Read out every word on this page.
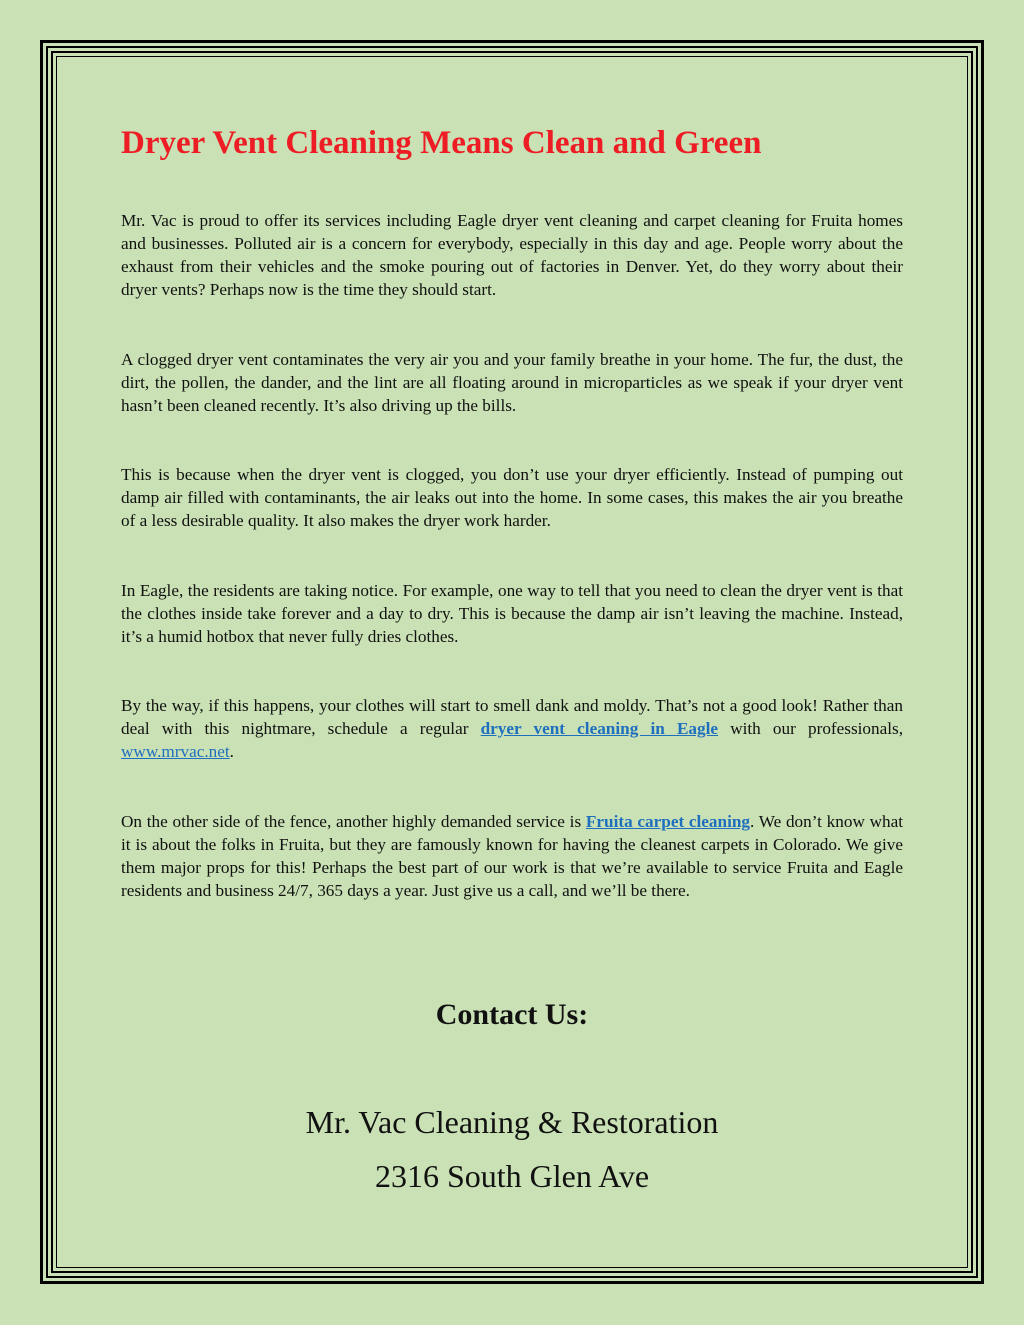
Dryer Vent Cleaning Means Clean and Green

Mr. Vac is proud to offer its services including Eagle dryer vent cleaning and carpet cleaning for Fruita homes and businesses. Polluted air is a concern for everybody, especially in this day and age. People worry about the exhaust from their vehicles and the smoke pouring out of factories in Denver. Yet, do they worry about their dryer vents? Perhaps now is the time they should start.

A clogged dryer vent contaminates the very air you and your family breathe in your home. The fur, the dust, the dirt, the pollen, the dander, and the lint are all floating around in microparticles as we speak if your dryer vent hasn’t been cleaned recently. It’s also driving up the bills.

This is because when the dryer vent is clogged, you don’t use your dryer efficiently. Instead of pumping out damp air filled with contaminants, the air leaks out into the home. In some cases, this makes the air you breathe of a less desirable quality. It also makes the dryer work harder.

In Eagle, the residents are taking notice. For example, one way to tell that you need to clean the dryer vent is that the clothes inside take forever and a day to dry. This is because the damp air isn’t leaving the machine. Instead, it’s a humid hotbox that never fully dries clothes.

By the way, if this happens, your clothes will start to smell dank and moldy. That’s not a good look! Rather than deal with this nightmare, schedule a regular dryer vent cleaning in Eagle with our professionals, www.mrvac.net.

On the other side of the fence, another highly demanded service is Fruita carpet cleaning. We don’t know what it is about the folks in Fruita, but they are famously known for having the cleanest carpets in Colorado. We give them major props for this! Perhaps the best part of our work is that we’re available to service Fruita and Eagle residents and business 24/7, 365 days a year. Just give us a call, and we’ll be there.

Contact Us:

Mr. Vac Cleaning & Restoration

2316 South Glen Ave
